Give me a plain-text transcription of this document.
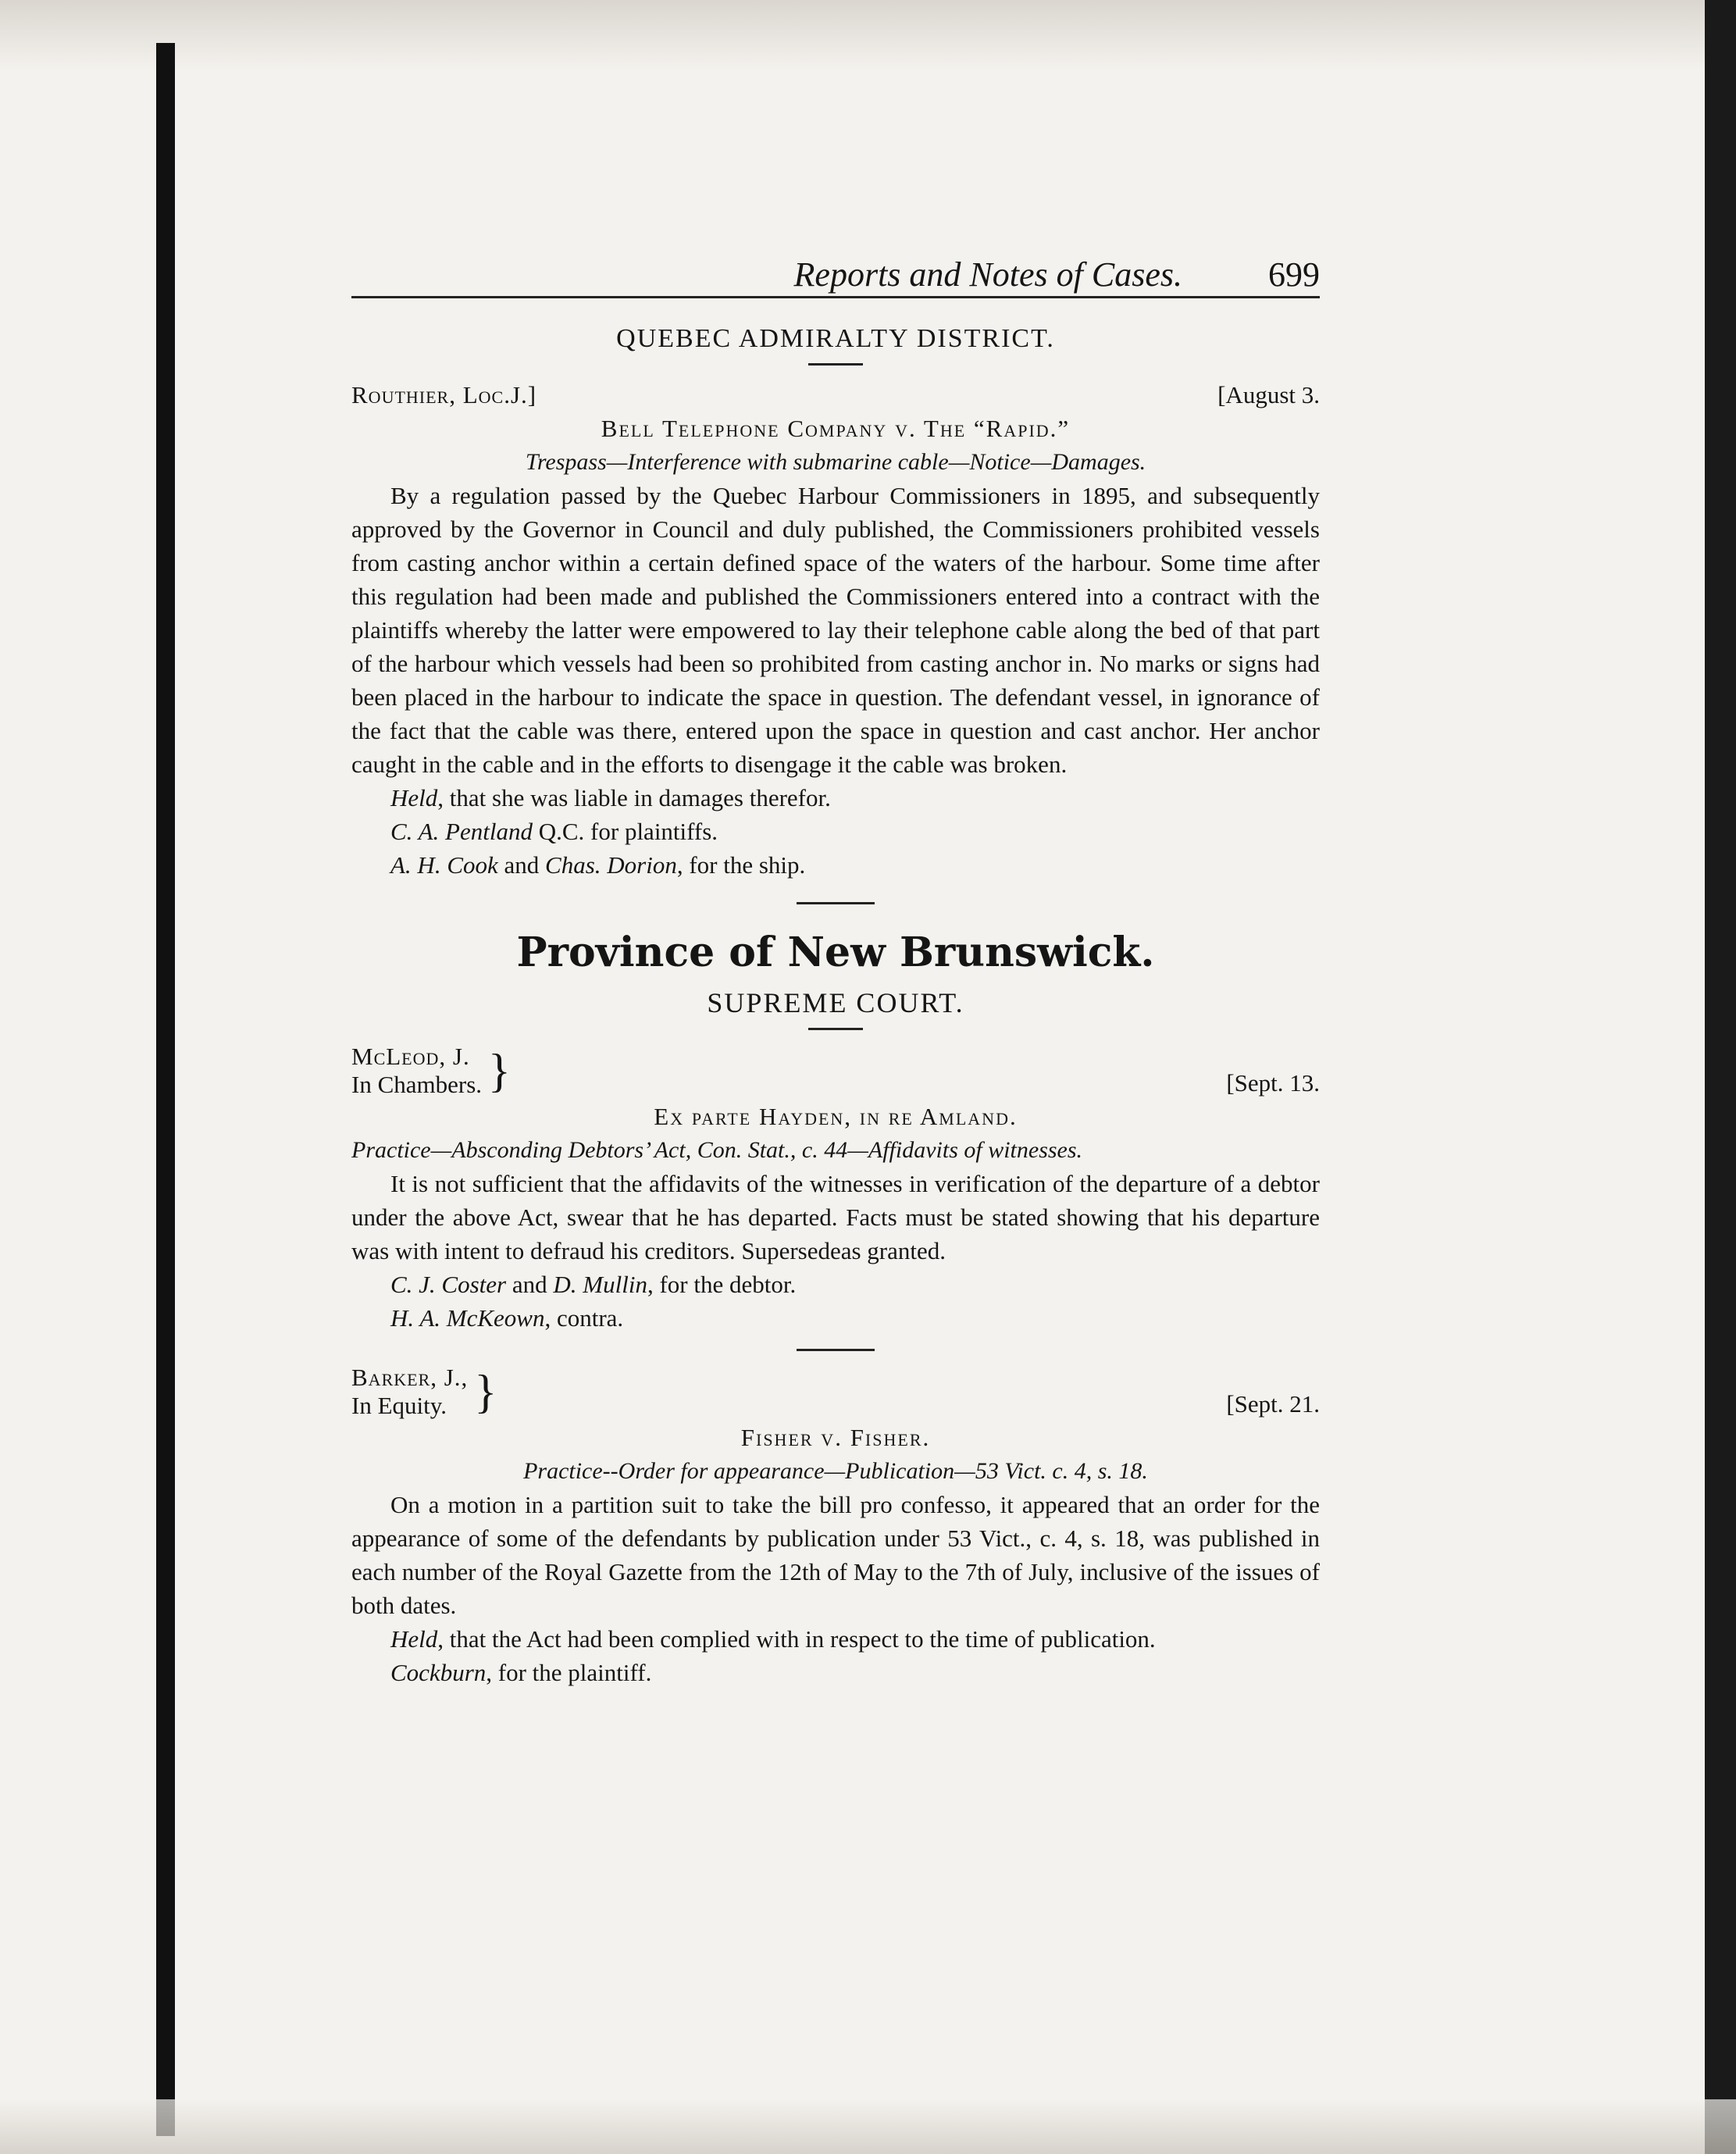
Reports and Notes of Cases.	699
QUEBEC ADMIRALTY DISTRICT.
Routhier, Loc.J.]	[August 3.
Bell Telephone Company v. The “Rapid.”
Trespass—Interference with submarine cable—Notice—Damages.

By a regulation passed by the Quebec Harbour Commissioners in 1895, and subsequently approved by the Governor in Council and duly published, the Commissioners prohibited vessels from casting anchor within a certain defined space of the waters of the harbour. Some time after this regulation had been made and published the Commissioners entered into a contract with the plaintiffs whereby the latter were empowered to lay their telephone cable along the bed of that part of the harbour which vessels had been so prohibited from casting anchor in. No marks or signs had been placed in the harbour to indicate the space in question. The defendant vessel, in ignorance of the fact that the cable was there, entered upon the space in question and cast anchor. Her anchor caught in the cable and in the efforts to disengage it the cable was broken.

Held, that she was liable in damages therefor.
C. A. Pentland Q.C. for plaintiffs.
A. H. Cook and Chas. Dorion, for the ship.
Province of New Brunswick.
SUPREME COURT.
McLeod, J.
In Chambers. }	[Sept. 13.
Ex parte Hayden, in re Amland.
Practice—Absconding Debtors’ Act, Con. Stat., c. 44—Affidavits of witnesses.

It is not sufficient that the affidavits of the witnesses in verification of the departure of a debtor under the above Act, swear that he has departed. Facts must be stated showing that his departure was with intent to defraud his creditors. Supersedeas granted.

C. J. Coster and D. Mullin, for the debtor.
H. A. McKeown, contra.
Barker, J.,
In Equity. }	[Sept. 21.
Fisher v. Fisher.
Practice--Order for appearance—Publication—53 Vict. c. 4, s. 18.

On a motion in a partition suit to take the bill pro confesso, it appeared that an order for the appearance of some of the defendants by publication under 53 Vict., c. 4, s. 18, was published in each number of the Royal Gazette from the 12th of May to the 7th of July, inclusive of the issues of both dates.

Held, that the Act had been complied with in respect to the time of publication.

Cockburn, for the plaintiff.
